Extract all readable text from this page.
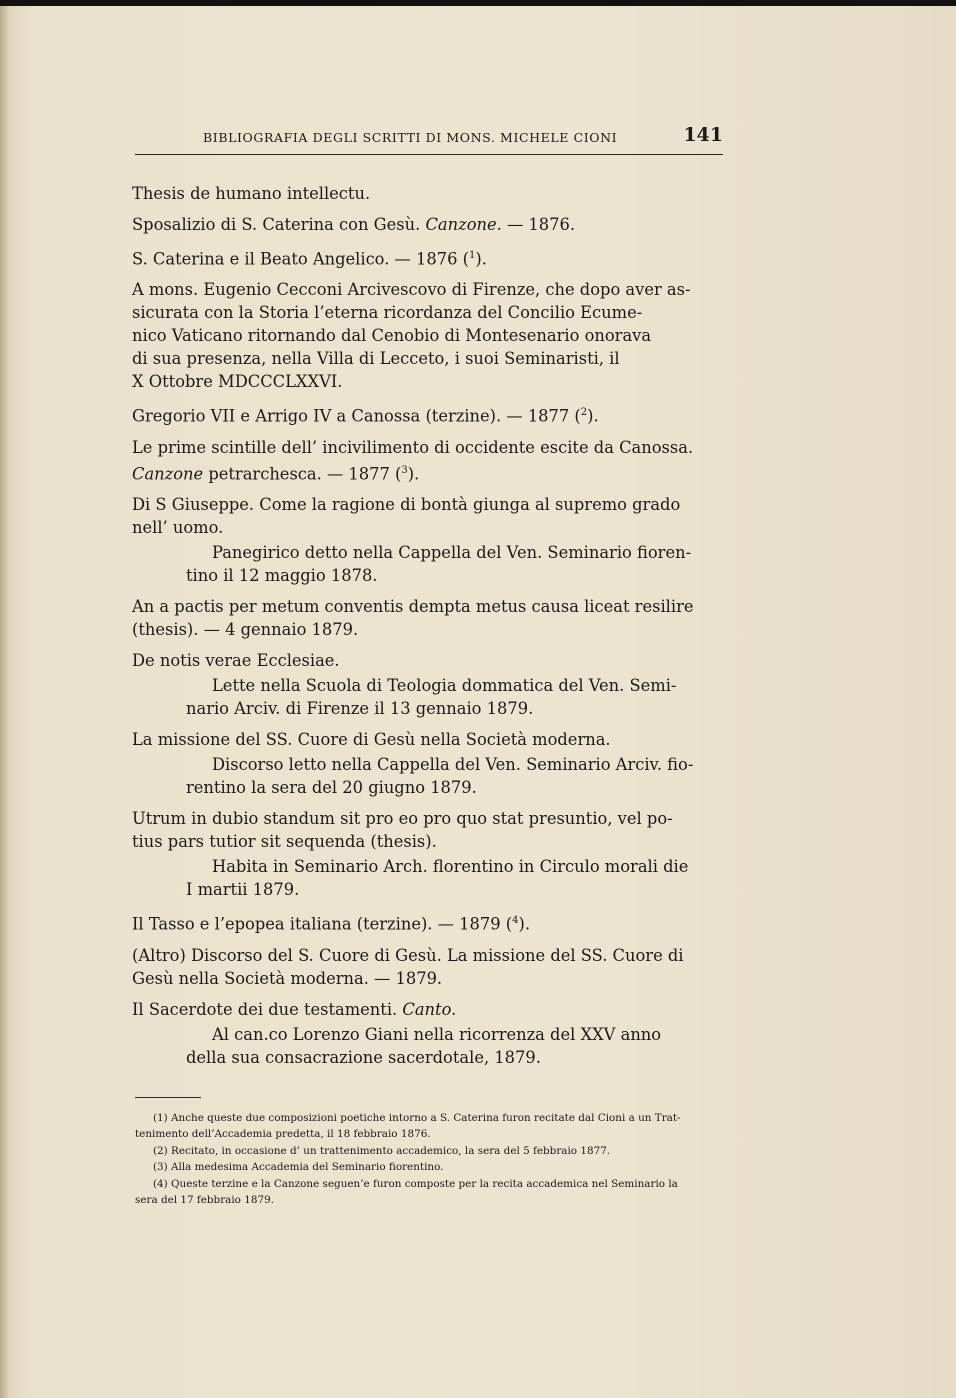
BIBLIOGRAFIA DEGLI SCRITTI DI MONS. MICHELE CIONI	141

Thesis de humano intellectu.

Sposalizio di S. Caterina con Gesù. Canzone. — 1876.

S. Caterina e il Beato Angelico. — 1876 ($^1$).

A mons. Eugenio Cecconi Arcivescovo di Firenze, che dopo aver as-
sicurata con la Storia l’eterna ricordanza del Concilio Ecume-
nico Vaticano ritornando dal Cenobio di Montesenario onorava
di sua presenza, nella Villa di Lecceto, i suoi Seminaristi, il
X Ottobre MDCCCLXXVI.

Gregorio VII e Arrigo IV a Canossa (terzine). — 1877 ($^2$).

Le prime scintille dell’ incivilimento di occidente escite da Canossa.
Canzone petrarchesca. — 1877 ($^3$).

Di S Giuseppe. Come la ragione di bontà giunga al supremo grado
nell’ uomo.

Panegirico detto nella Cappella del Ven. Seminario fioren-
tino il 12 maggio 1878.

An a pactis per metum conventis dempta metus causa liceat resilire
(thesis). — 4 gennaio 1879.

De notis verae Ecclesiae.

Lette nella Scuola di Teologia dommatica del Ven. Semi-
nario Arciv. di Firenze il 13 gennaio 1879.

La missione del SS. Cuore di Gesù nella Società moderna.

Discorso letto nella Cappella del Ven. Seminario Arciv. fio-
rentino la sera del 20 giugno 1879.

Utrum in dubio standum sit pro eo pro quo stat presuntio, vel po-
tius pars tutior sit sequenda (thesis).

Habita in Seminario Arch. florentino in Circulo morali die
I martii 1879.

Il Tasso e l’epopea italiana (terzine). — 1879 ($^4$).

(Altro) Discorso del S. Cuore di Gesù. La missione del SS. Cuore di
Gesù nella Società moderna. — 1879.

Il Sacerdote dei due testamenti. Canto.

Al can.co Lorenzo Giani nella ricorrenza del XXV anno
della sua consacrazione sacerdotale, 1879.

(1) Anche queste due composizioni poetiche intorno a S. Caterina furon recitate dal Cioni a un Trat-
tenimento dell’Accademia predetta, il 18 febbraio 1876.

(2) Recitato, in occasione d’ un trattenimento accademico, la sera del 5 febbraio 1877.

(3) Alla medesima Accademia del Seminario fiorentino.

(4) Queste terzine e la Canzone seguen’e furon composte per la recita accademica nel Seminario la
sera del 17 febbraio 1879.
